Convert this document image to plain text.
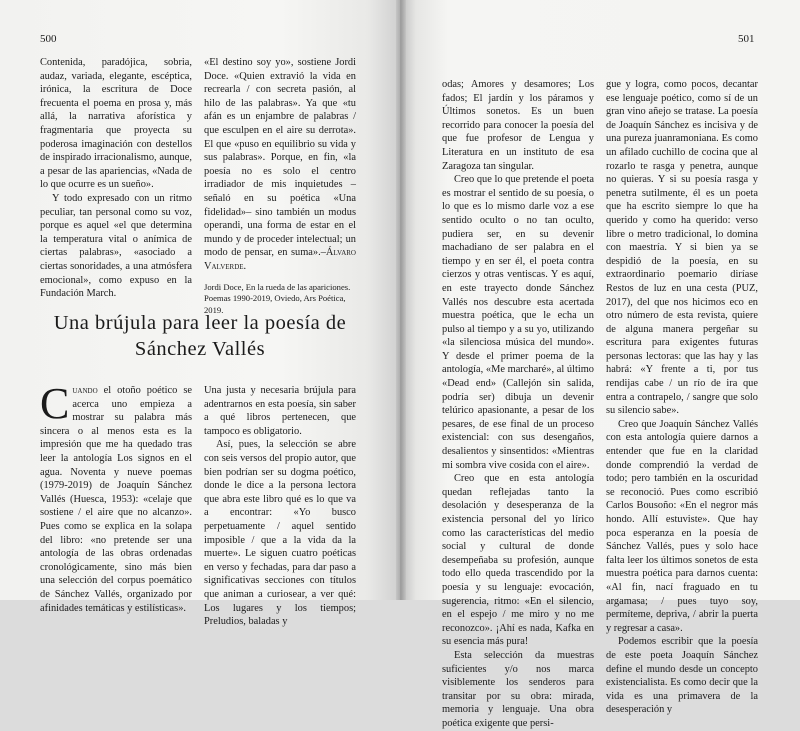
500

Contenida, paradójica, sobria, audaz, variada, elegante, escéptica, irónica, la escritura de Doce frecuenta el poema en prosa y, más allá, la narrativa aforística y fragmentaria que proyecta su poderosa imaginación con destellos de inspirado irracionalismo, aunque, a pesar de las apariencias, «Nada de lo que ocurre es un sueño».

Y todo expresado con un ritmo peculiar, tan personal como su voz, porque es aquel «el que determina la temperatura vital o anímica de ciertas palabras», «asociado a ciertas sonoridades, a una atmósfera emocional», como expuso en la Fundación March.

«El destino soy yo», sostiene Jordi Doce. «Quien extravió la vida en recrearla / con secreta pasión, al hilo de las palabras». Ya que «tu afán es un enjambre de palabras / que esculpen en el aire su derrota». El que «puso en equilibrio su vida y sus palabras». Porque, en fin, «la poesía no es solo el centro irradiador de mis inquietudes –señaló en su poética «Una fidelidad»– sino también un modus operandi, una forma de estar en el mundo y de proceder intelectual; un modo de pensar, en suma».–Álvaro Valverde.

Jordi Doce, En la rueda de las apariciones. Poemas 1990-2019, Oviedo, Ars Poética, 2019.
Una brújula para leer la poesía de Sánchez Vallés

Cuando el otoño poético se acerca uno empieza a mostrar su palabra más sincera o al menos esta es la impresión que me ha quedado tras leer la antología Los signos en el agua. Noventa y nueve poemas (1979-2019) de Joaquín Sánchez Vallés (Huesca, 1953): «celaje que sostiene / el aire que no alcanzo». Pues como se explica en la solapa del libro: «no pretende ser una antología de las obras ordenadas cronológicamente, sino más bien una selección del corpus poemático de Sánchez Vallés, organizado por afinidades temáticas y estilísticas».

Una justa y necesaria brújula para adentrarnos en esta poesía, sin saber a qué libros pertenecen, que tampoco es obligatorio.

Así, pues, la selección se abre con seis versos del propio autor, que bien podrían ser su dogma poético, donde le dice a la persona lectora que abra este libro qué es lo que va a encontrar: «Yo busco perpetuamente / aquel sentido imposible / que a la vida da la muerte». Le siguen cuatro poéticas en verso y fechadas, para dar paso a significativas secciones con títulos que animan a curiosear, a ver qué: Los lugares y los tiempos; Preludios, baladas y

501

odas; Amores y desamores; Los fados; El jardín y los páramos y Últimos sonetos. Es un buen recorrido para conocer la poesía del que fue profesor de Lengua y Literatura en un instituto de esa Zaragoza tan singular.

Creo que lo que pretende el poeta es mostrar el sentido de su poesía, o lo que es lo mismo darle voz a ese sentido oculto o no tan oculto, pudiera ser, en su devenir machadiano de ser palabra en el tiempo y en ser él, el poeta contra cierzos y otras ventiscas. Y es aquí, en este trayecto donde Sánchez Vallés nos descubre esta acertada muestra poética, que le echa un pulso al tiempo y a su yo, utilizando «la silenciosa música del mundo». Y desde el primer poema de la antología, «Me marcharé», al último «Dead end» (Callejón sin salida, podría ser) dibuja un devenir telúrico apasionante, a pesar de los pesares, de ese final de un proceso existencial: con sus desengaños, desalientos y sinsentidos: «Mientras mi sombra vive cosida con el aire».

Creo que en esta antología quedan reflejadas tanto la desolación y desesperanza de la existencia personal del yo lírico como las características del medio social y cultural de donde desempeñaba su profesión, aunque todo ello queda trascendido por la poesía y su lenguaje: evocación, sugerencia, ritmo: «En el silencio, en el espejo / me miro y no me reconozco». ¡Ahí es nada, Kafka en su esencia más pura!

Esta selección da muestras suficientes y/o nos marca visiblemente los senderos para transitar por su obra: mirada, memoria y lenguaje. Una obra poética exigente que persi-

gue y logra, como pocos, decantar ese lenguaje poético, como sí de un gran vino añejo se tratase. La poesía de Joaquín Sánchez es incisiva y de una pureza juanramoniana. Es como un afilado cuchillo de cocina que al rozarlo te rasga y penetra, aunque no quieras. Y si su poesía rasga y penetra sutilmente, él es un poeta que ha escrito siempre lo que ha querido y como ha querido: verso libre o metro tradicional, lo domina con maestría. Y si bien ya se despidió de la poesía, en su extraordinario poemario diríase Restos de luz en una cesta (PUZ, 2017), del que nos hicimos eco en otro número de esta revista, quiere de alguna manera pergeñar su escritura para exigentes futuras personas lectoras: que las hay y las habrá: «Y frente a ti, por tus rendijas cabe / un río de ira que entra a contrapelo, / sangre que solo su silencio sabe».

Creo que Joaquín Sánchez Vallés con esta antología quiere darnos a entender que fue en la claridad donde comprendió la verdad de todo; pero también en la oscuridad se reconoció. Pues como escribió Carlos Bousoño: «En el negror más hondo. Allí estuviste». Que hay poca esperanza en la poesía de Sánchez Vallés, pues y solo hace falta leer los últimos sonetos de esta muestra poética para darnos cuenta: «Al fin, nací fraguado en tu argamasa; / pues tuyo soy, permíteme, depriva, / abrir la puerta y regresar a casa».

Podemos escribir que la poesía de este poeta Joaquín Sánchez define el mundo desde un concepto existencialista. Es como decir que la vida es una primavera de la desesperación y
